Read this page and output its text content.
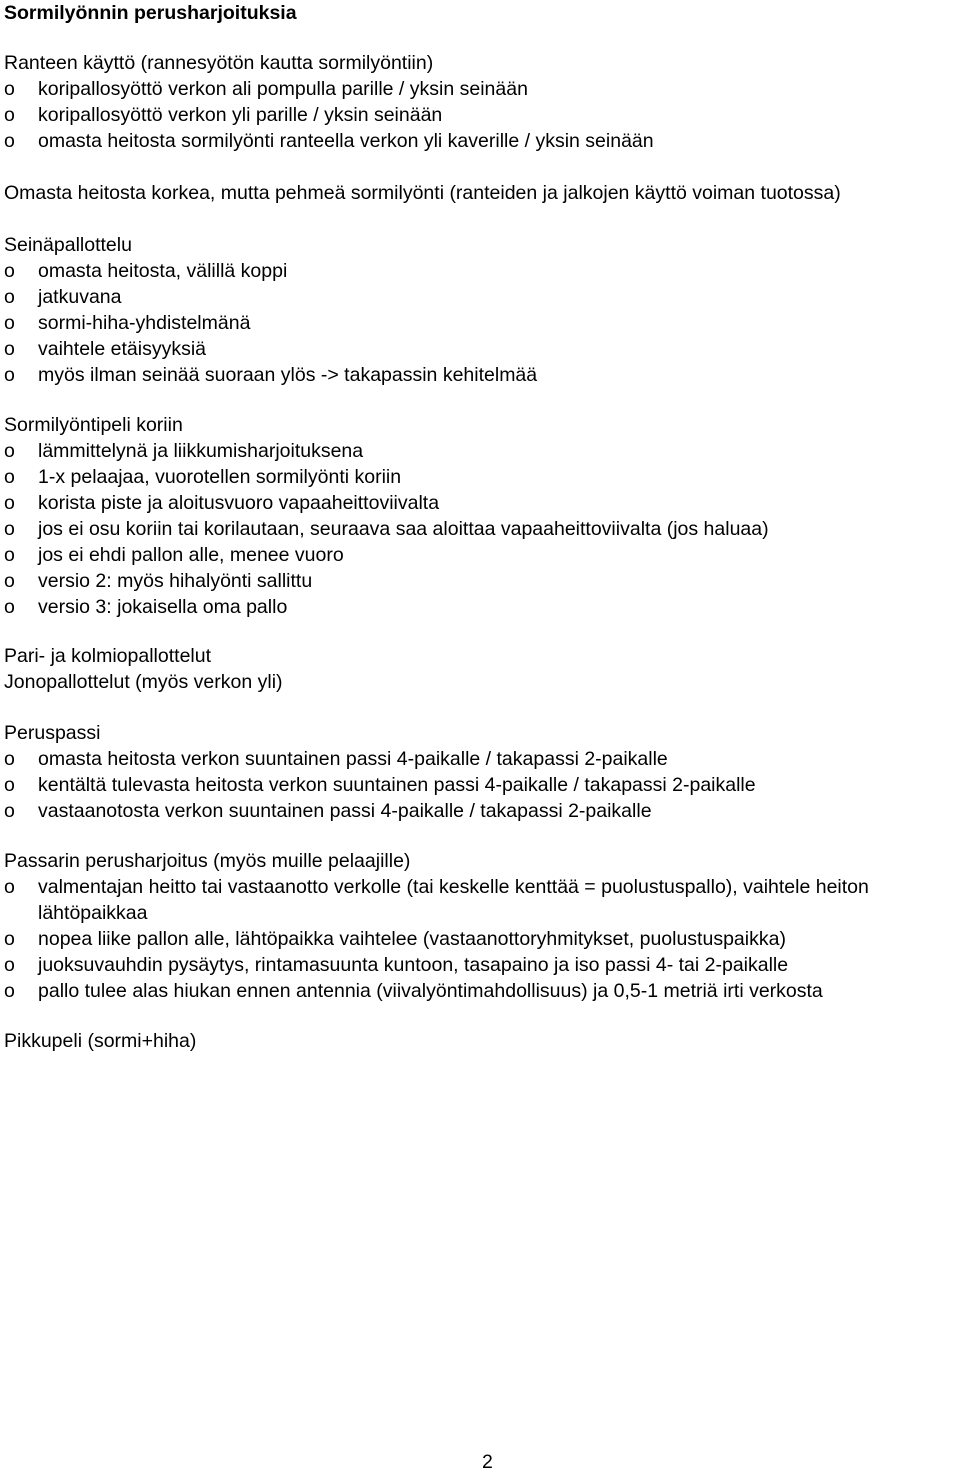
Sormilyönnin perusharjoituksia
Ranteen käyttö (rannesyötön kautta sormilyöntiin)
o koripallosyöttö verkon ali pompulla parille / yksin seinään
o koripallosyöttö verkon yli parille / yksin seinään
o omasta heitosta sormilyönti ranteella verkon yli kaverille / yksin seinään
Omasta heitosta korkea, mutta pehmeä sormilyönti (ranteiden ja jalkojen käyttö voiman tuotossa)
Seinäpallottelu
o omasta heitosta, välillä koppi
o jatkuvana
o sormi-hiha-yhdistelmänä
o vaihtele etäisyyksiä
o myös ilman seinää suoraan ylös -> takapassin kehitelmää
Sormilyöntipeli koriin
o lämmittelynä ja liikkumisharjoituksena
o 1-x pelaajaa, vuorotellen sormilyönti koriin
o korista piste ja aloitusvuoro vapaaheittoviivalta
o jos ei osu koriin tai korilautaan, seuraava saa aloittaa vapaaheittoviivalta (jos haluaa)
o jos ei ehdi pallon alle, menee vuoro
o versio 2: myös hihalyönti sallittu
o versio 3: jokaisella oma pallo
Pari- ja kolmiopallottelut
Jonopallottelut (myös verkon yli)
Peruspassi
o omasta heitosta verkon suuntainen passi 4-paikalle / takapassi 2-paikalle
o kentältä tulevasta heitosta verkon suuntainen passi 4-paikalle / takapassi 2-paikalle
o vastaanotosta verkon suuntainen passi 4-paikalle / takapassi 2-paikalle
Passarin perusharjoitus (myös muille pelaajille)
o valmentajan heitto tai vastaanotto verkolle (tai keskelle kenttää = puolustuspallo), vaihtele heiton lähtöpaikkaa
o nopea liike pallon alle, lähtöpaikka vaihtelee (vastaanottoryhmitykset, puolustuspaikka)
o juoksuvauhdin pysäytys, rintamasuunta kuntoon, tasapaino ja iso passi 4- tai 2-paikalle
o pallo tulee alas hiukan ennen antennia (viivalyöntimahdollisuus) ja 0,5-1 metriä irti verkosta
Pikkupeli (sormi+hiha)
2
